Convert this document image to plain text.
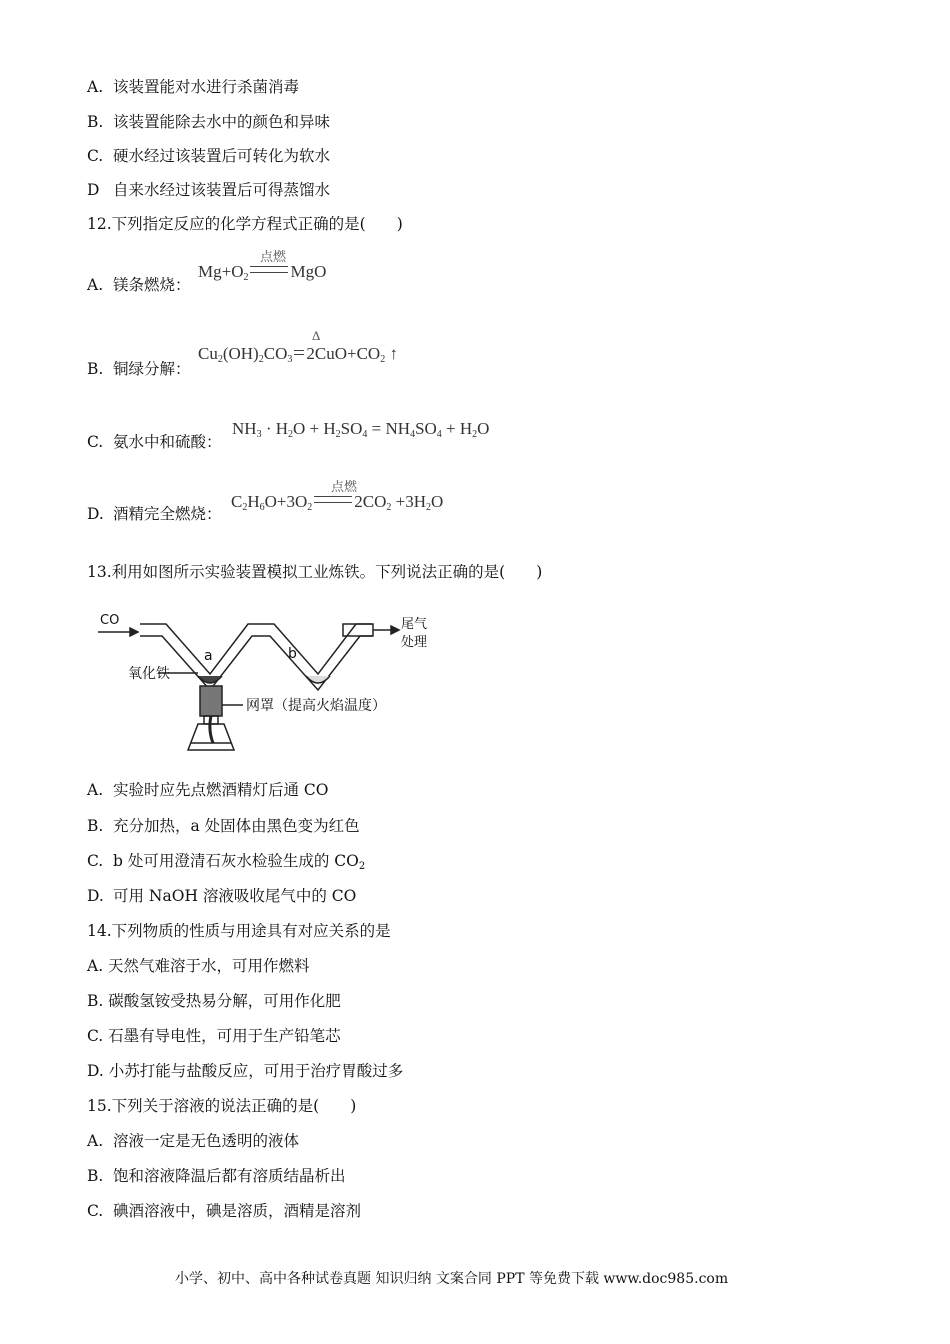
A. 该装置能对水进行杀菌消毒
B. 该装置能除去水中的颜色和异味
C. 硬水经过该装置后可转化为软水
D 自来水经过该装置后可得蒸馏水
12.下列指定反应的化学方程式正确的是(　　)
A. 镁条燃烧：
$Mg+O_2$
点燃
MgO
B. 铜绿分解：
$Cu_2(OH)_2CO_3$
Δ
$2CuO+CO_2$ ↑
C. 氨水中和硫酸：
$NH_3 \cdot H_2O + H_2SO_4 = NH_4SO_4 + H_2O$
D. 酒精完全燃烧：
$C_2H_6O+3O_2$
点燃
$2CO_2 +3H_2O$
13.利用如图所示实验装置模拟工业炼铁。下列说法正确的是(　　)
CO	尾气
处理
a	b
氧化铁
网罩（提高火焰温度）
A. 实验时应先点燃酒精灯后通 CO
B. 充分加热，a 处固体由黑色变为红色
C. b 处可用澄清石灰水检验生成的 $CO_2$
D. 可用 NaOH 溶液吸收尾气中的 CO
14.下列物质的性质与用途具有对应关系的是
A. 天然气难溶于水，可用作燃料
B. 碳酸氢铵受热易分解，可用作化肥
C. 石墨有导电性，可用于生产铅笔芯
D. 小苏打能与盐酸反应，可用于治疗胃酸过多
15.下列关于溶液的说法正确的是(　　)
A. 溶液一定是无色透明的液体
B. 饱和溶液降温后都有溶质结晶析出
C. 碘酒溶液中，碘是溶质，酒精是溶剂
小学、初中、高中各种试卷真题 知识归纳 文案合同 PPT 等免费下载 www.doc985.com
